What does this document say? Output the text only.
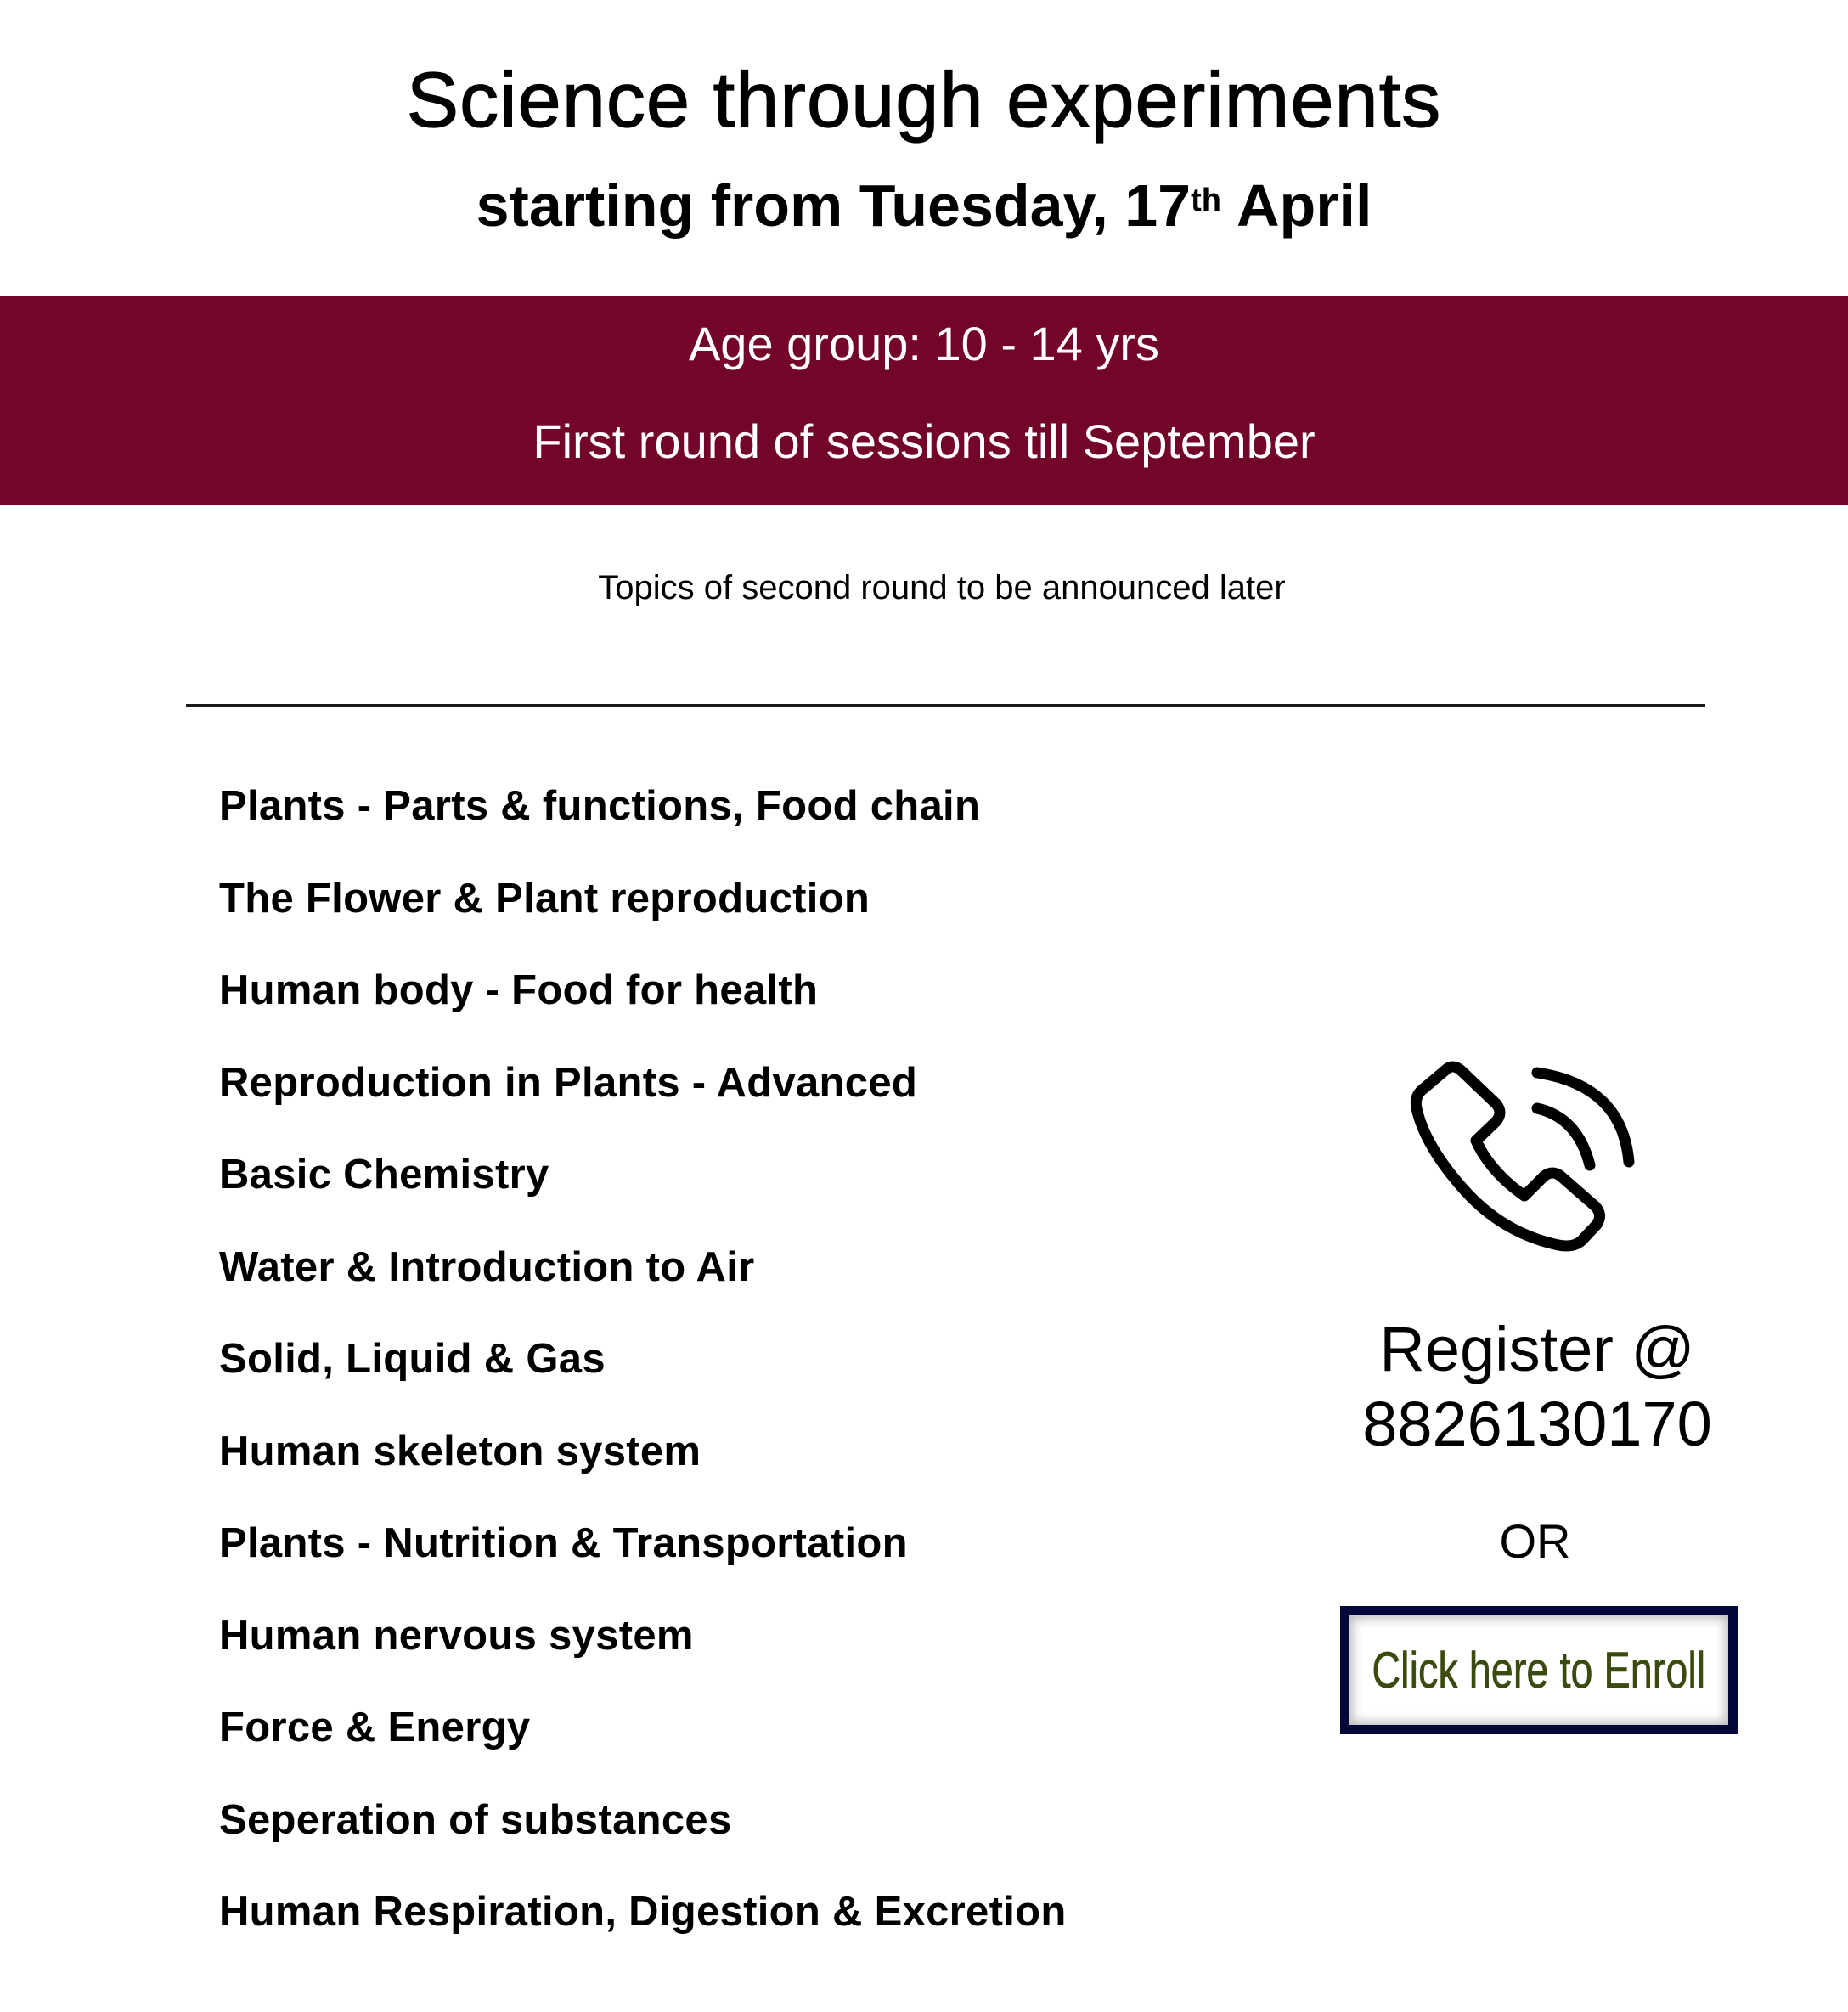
Science through experiments
starting from Tuesday, 17th April
Age group: 10 - 14 yrs
First round of sessions till September
Topics of second round to be announced later
Plants - Parts & functions, Food chain
The Flower & Plant reproduction
Human body - Food for health
Reproduction in Plants - Advanced
Basic Chemistry
Water & Introduction to Air
Solid, Liquid & Gas
Human skeleton system
Plants - Nutrition & Transportation
Human nervous system
Force & Energy
Seperation of substances
Human Respiration, Digestion & Excretion
Register @
8826130170
OR
Click here to Enroll
